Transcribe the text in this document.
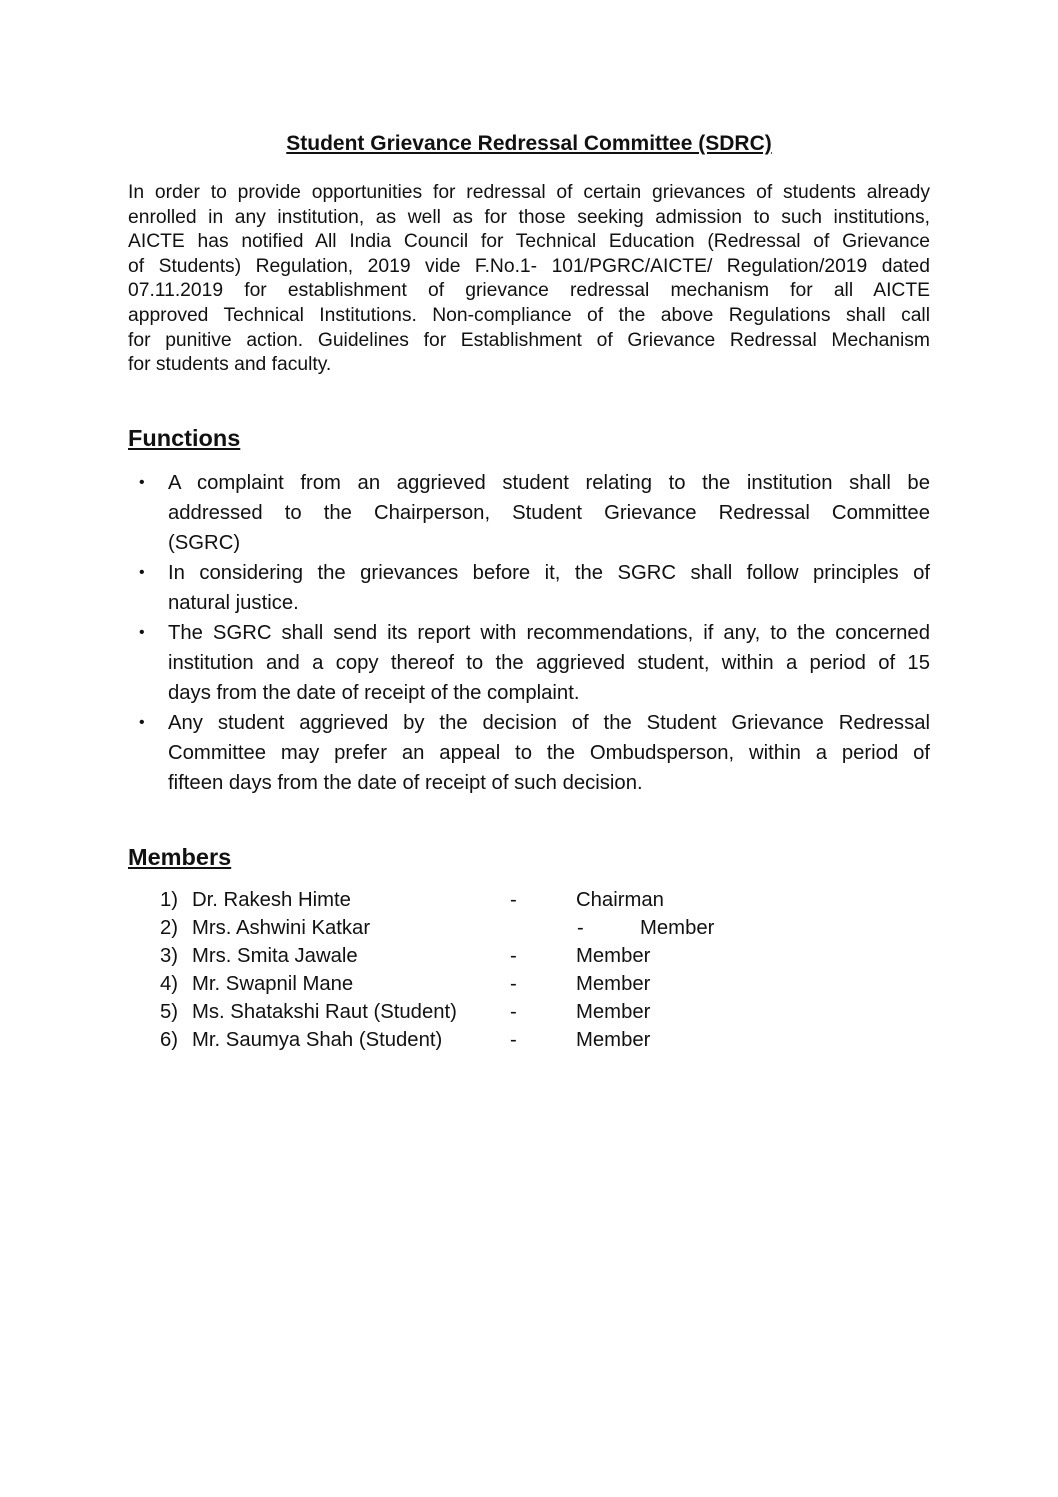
Student Grievance Redressal Committee (SDRC)

In order to provide opportunities for redressal of certain grievances of students already
enrolled in any institution, as well as for those seeking admission to such institutions,
AICTE has notified All India Council for Technical Education (Redressal of Grievance
of Students) Regulation, 2019 vide F.No.1- 101/PGRC/AICTE/ Regulation/2019 dated
07.11.2019 for establishment of grievance redressal mechanism for all AICTE
approved Technical Institutions. Non-compliance of the above Regulations shall call
for punitive action. Guidelines for Establishment of Grievance Redressal Mechanism
for students and faculty.

Functions
• A complaint from an aggrieved student relating to the institution shall be
addressed to the Chairperson, Student Grievance Redressal Committee
(SGRC)
• In considering the grievances before it, the SGRC shall follow principles of
natural justice.
• The SGRC shall send its report with recommendations, if any, to the concerned
institution and a copy thereof to the aggrieved student, within a period of 15
days from the date of receipt of the complaint.
• Any student aggrieved by the decision of the Student Grievance Redressal
Committee may prefer an appeal to the Ombudsperson, within a period of
fifteen days from the date of receipt of such decision.
Members
1) Dr. Rakesh Himte	-	Chairman
2) Mrs. Ashwini Katkar	-	Member
3) Mrs. Smita Jawale	-	Member
4) Mr. Swapnil Mane	-	Member
5) Ms. Shatakshi Raut (Student)	-	Member
6) Mr. Saumya Shah (Student)	-	Member
